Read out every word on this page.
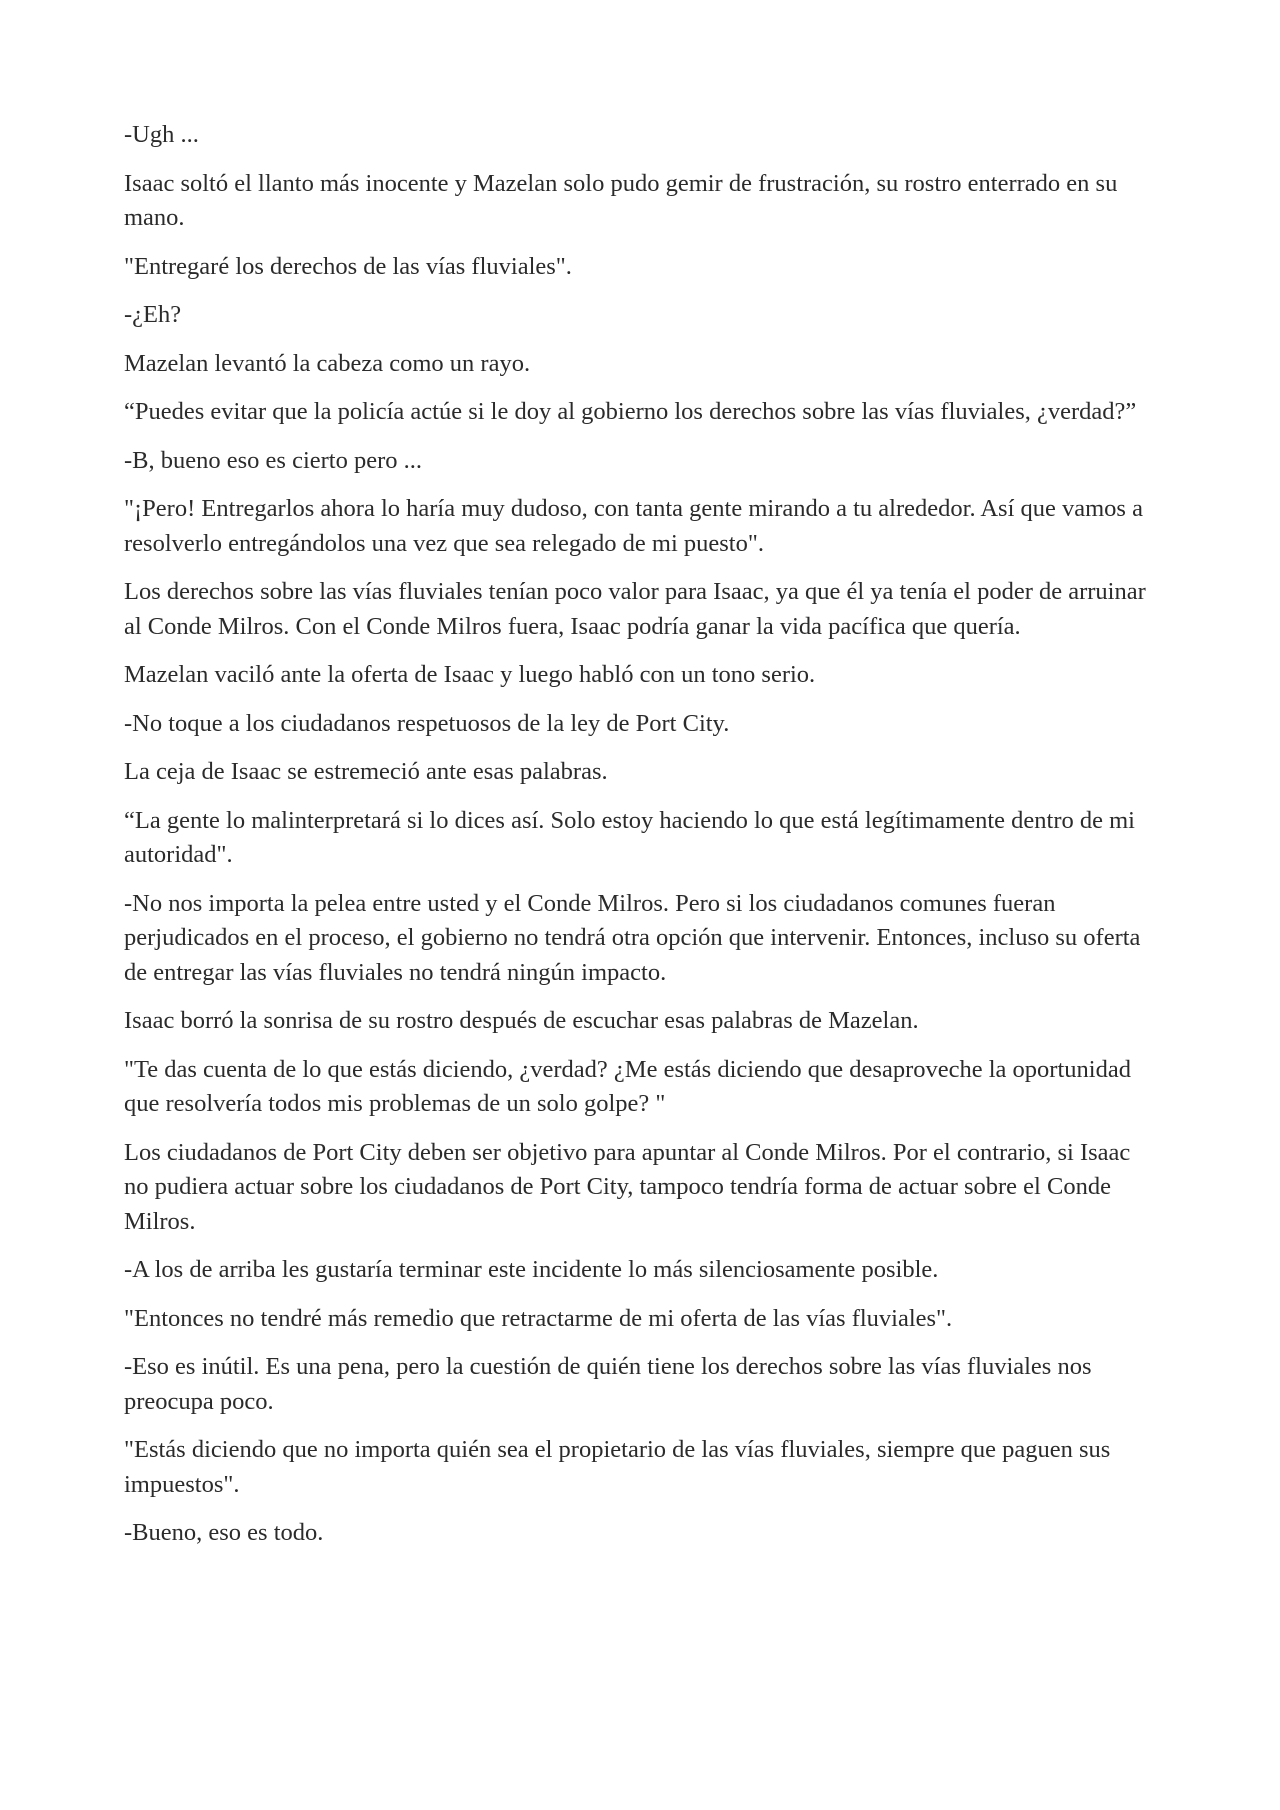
-Ugh ...

Isaac soltó el llanto más inocente y Mazelan solo pudo gemir de frustración, su rostro enterrado en su mano.

"Entregaré los derechos de las vías fluviales".

-¿Eh?

Mazelan levantó la cabeza como un rayo.

“Puedes evitar que la policía actúe si le doy al gobierno los derechos sobre las vías fluviales, ¿verdad?”

-B, bueno eso es cierto pero ...

"¡Pero! Entregarlos ahora lo haría muy dudoso, con tanta gente mirando a tu alrededor. Así que vamos a resolverlo entregándolos una vez que sea relegado de mi puesto".

Los derechos sobre las vías fluviales tenían poco valor para Isaac, ya que él ya tenía el poder de arruinar al Conde Milros. Con el Conde Milros fuera, Isaac podría ganar la vida pacífica que quería.

Mazelan vaciló ante la oferta de Isaac y luego habló con un tono serio.

-No toque a los ciudadanos respetuosos de la ley de Port City.

La ceja de Isaac se estremeció ante esas palabras.

“La gente lo malinterpretará si lo dices así. Solo estoy haciendo lo que está legítimamente dentro de mi autoridad".

-No nos importa la pelea entre usted y el Conde Milros. Pero si los ciudadanos comunes fueran perjudicados en el proceso, el gobierno no tendrá otra opción que intervenir. Entonces, incluso su oferta de entregar las vías fluviales no tendrá ningún impacto.

Isaac borró la sonrisa de su rostro después de escuchar esas palabras de Mazelan.

"Te das cuenta de lo que estás diciendo, ¿verdad? ¿Me estás diciendo que desaproveche la oportunidad que resolvería todos mis problemas de un solo golpe? "

Los ciudadanos de Port City deben ser objetivo para apuntar al Conde Milros. Por el contrario, si Isaac no pudiera actuar sobre los ciudadanos de Port City, tampoco tendría forma de actuar sobre el Conde Milros.

-A los de arriba les gustaría terminar este incidente lo más silenciosamente posible.

"Entonces no tendré más remedio que retractarme de mi oferta de las vías fluviales".

-Eso es inútil. Es una pena, pero la cuestión de quién tiene los derechos sobre las vías fluviales nos preocupa poco.

"Estás diciendo que no importa quién sea el propietario de las vías fluviales, siempre que paguen sus impuestos".

-Bueno, eso es todo.
